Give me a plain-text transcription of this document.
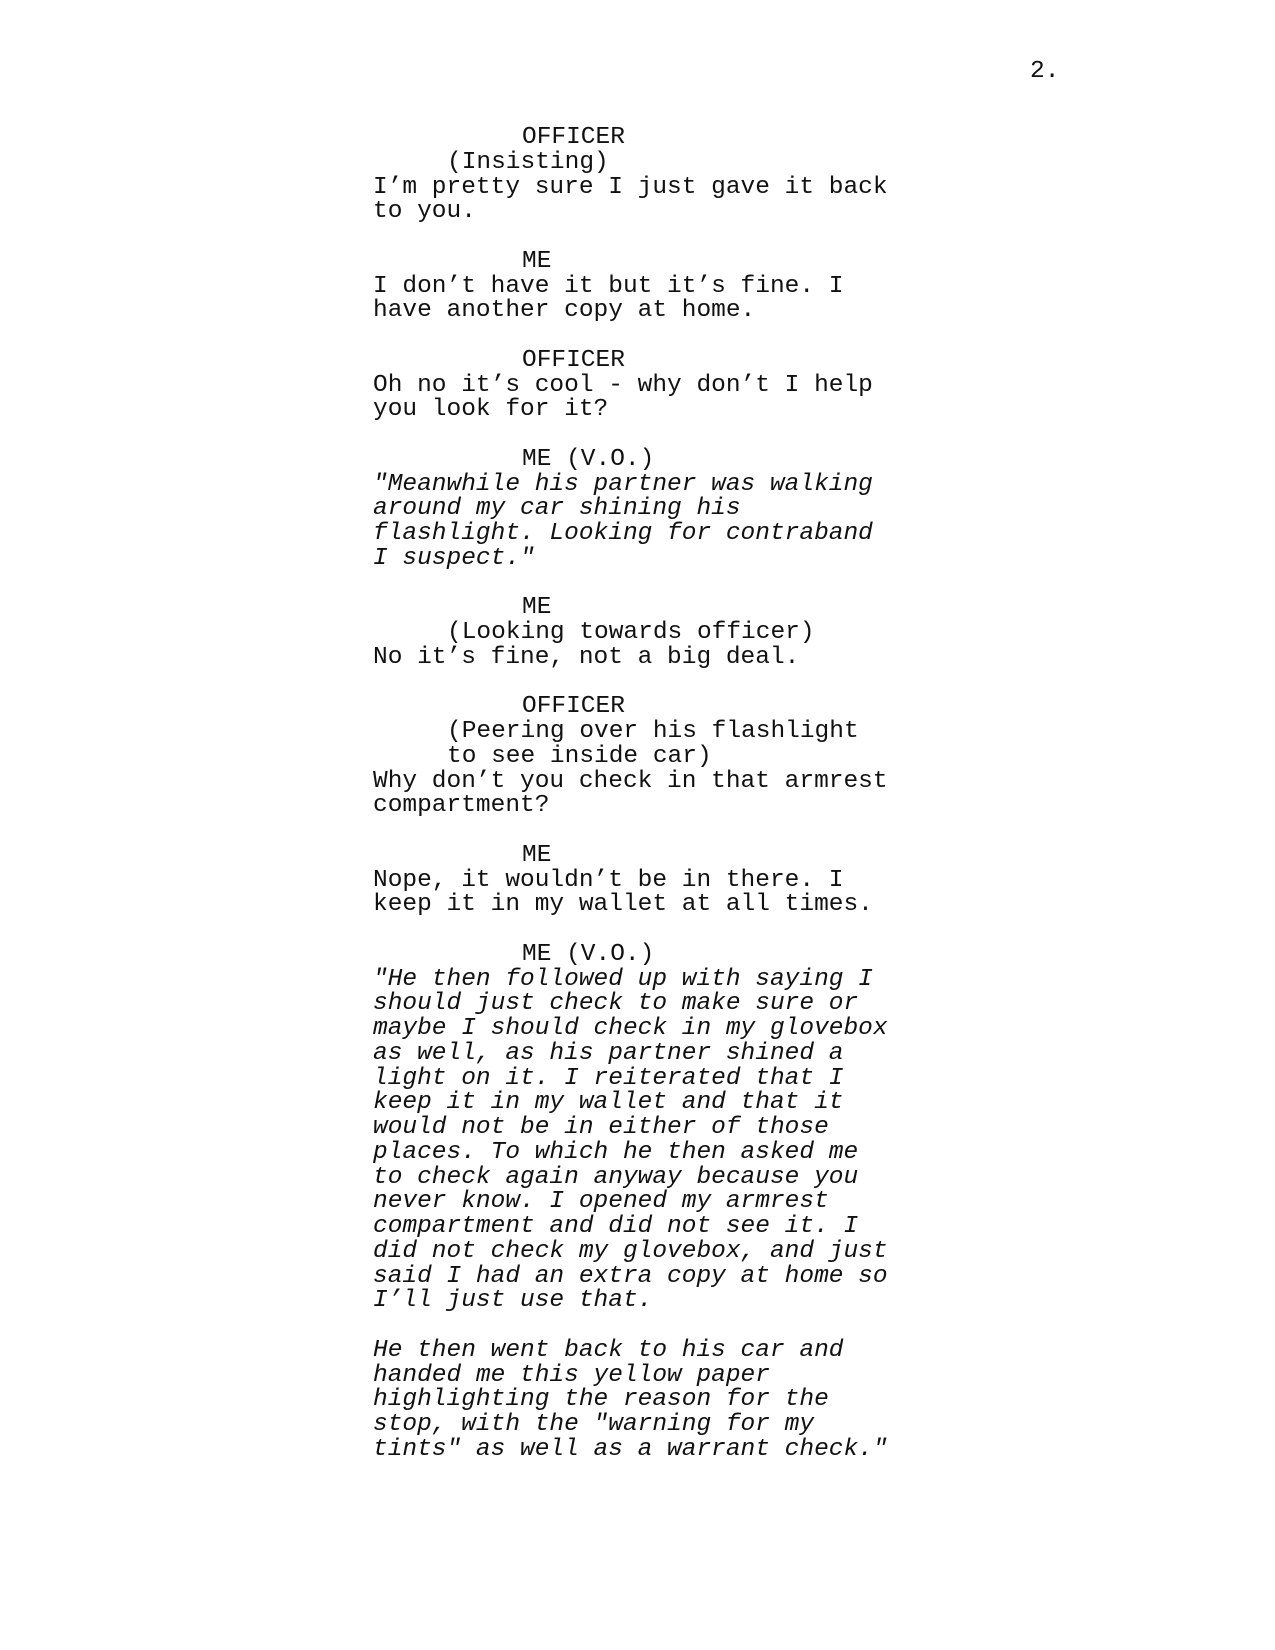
2.
OFFICER
(Insisting)
I’m pretty sure I just gave it back
to you.
ME
I don’t have it but it’s fine. I
have another copy at home.
OFFICER
Oh no it’s cool - why don’t I help
you look for it?
ME (V.O.)
"Meanwhile his partner was walking
around my car shining his
flashlight. Looking for contraband
I suspect."
ME
(Looking towards officer)
No it’s fine, not a big deal.
OFFICER
(Peering over his flashlight
to see inside car)
Why don’t you check in that armrest
compartment?
ME
Nope, it wouldn’t be in there. I
keep it in my wallet at all times.
ME (V.O.)
"He then followed up with saying I
should just check to make sure or
maybe I should check in my glovebox
as well, as his partner shined a
light on it. I reiterated that I
keep it in my wallet and that it
would not be in either of those
places. To which he then asked me
to check again anyway because you
never know. I opened my armrest
compartment and did not see it. I
did not check my glovebox, and just
said I had an extra copy at home so
I’ll just use that.
He then went back to his car and
handed me this yellow paper
highlighting the reason for the
stop, with the "warning for my
tints" as well as a warrant check."
